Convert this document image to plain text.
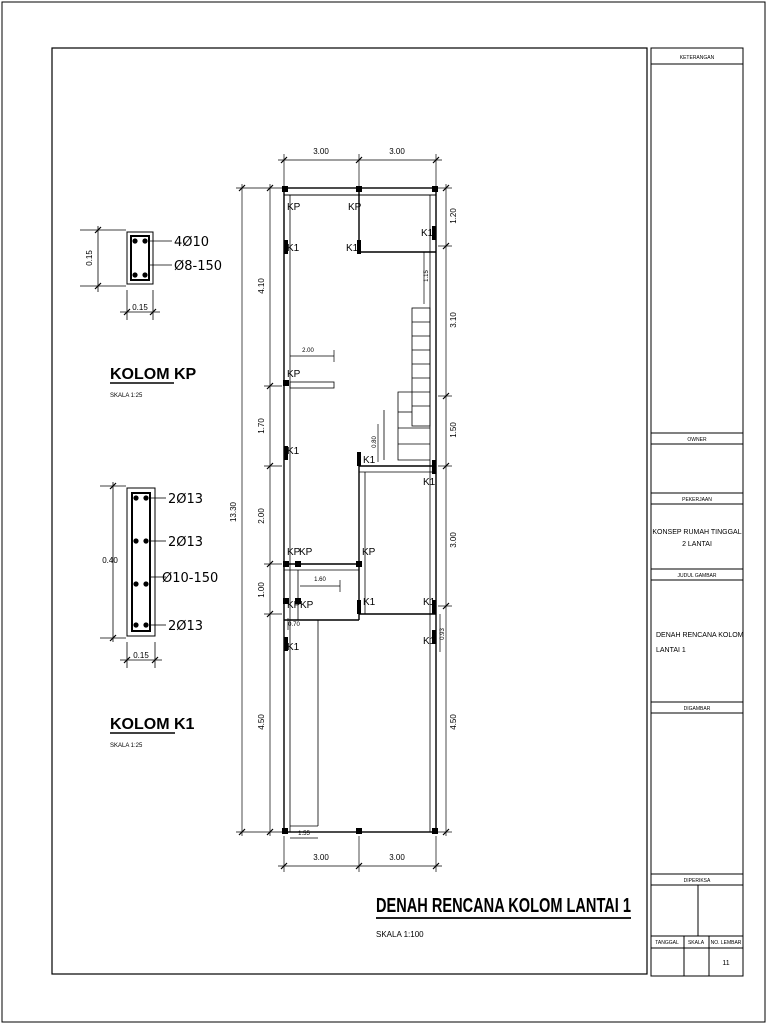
KETERANGAN
OWNER
PEKERJAAN
KONSEP RUMAH TINGGAL
2 LANTAI
JUDUL GAMBAR
DENAH RENCANA KOLOM
LANTAI 1
DIGAMBAR
DIPERIKSA
TANGGAL SKALA NO. LEMBAR
11
0.15
0.15
4Ø10
Ø8-150
KOLOM KP
SKALA 1:25
0.40
0.15
2Ø13
2Ø13
Ø10-150
2Ø13
KOLOM K1
SKALA 1:25
KP	KP
K1	K1
K1
KP
K1
K1
K1
KP
KP	KP
KP KP	K1	K1
K1
K1
3.00	3.00
3.00	3.00
13.30
4.10
1.70
2.00
1.00
4.50
1.20
3.10
1.50
3.00
4.50
2.00
1.15
0.80
1.60
0.70
0.93
1.55
DENAH RENCANA KOLOM LANTAI 1
SKALA 1:100
